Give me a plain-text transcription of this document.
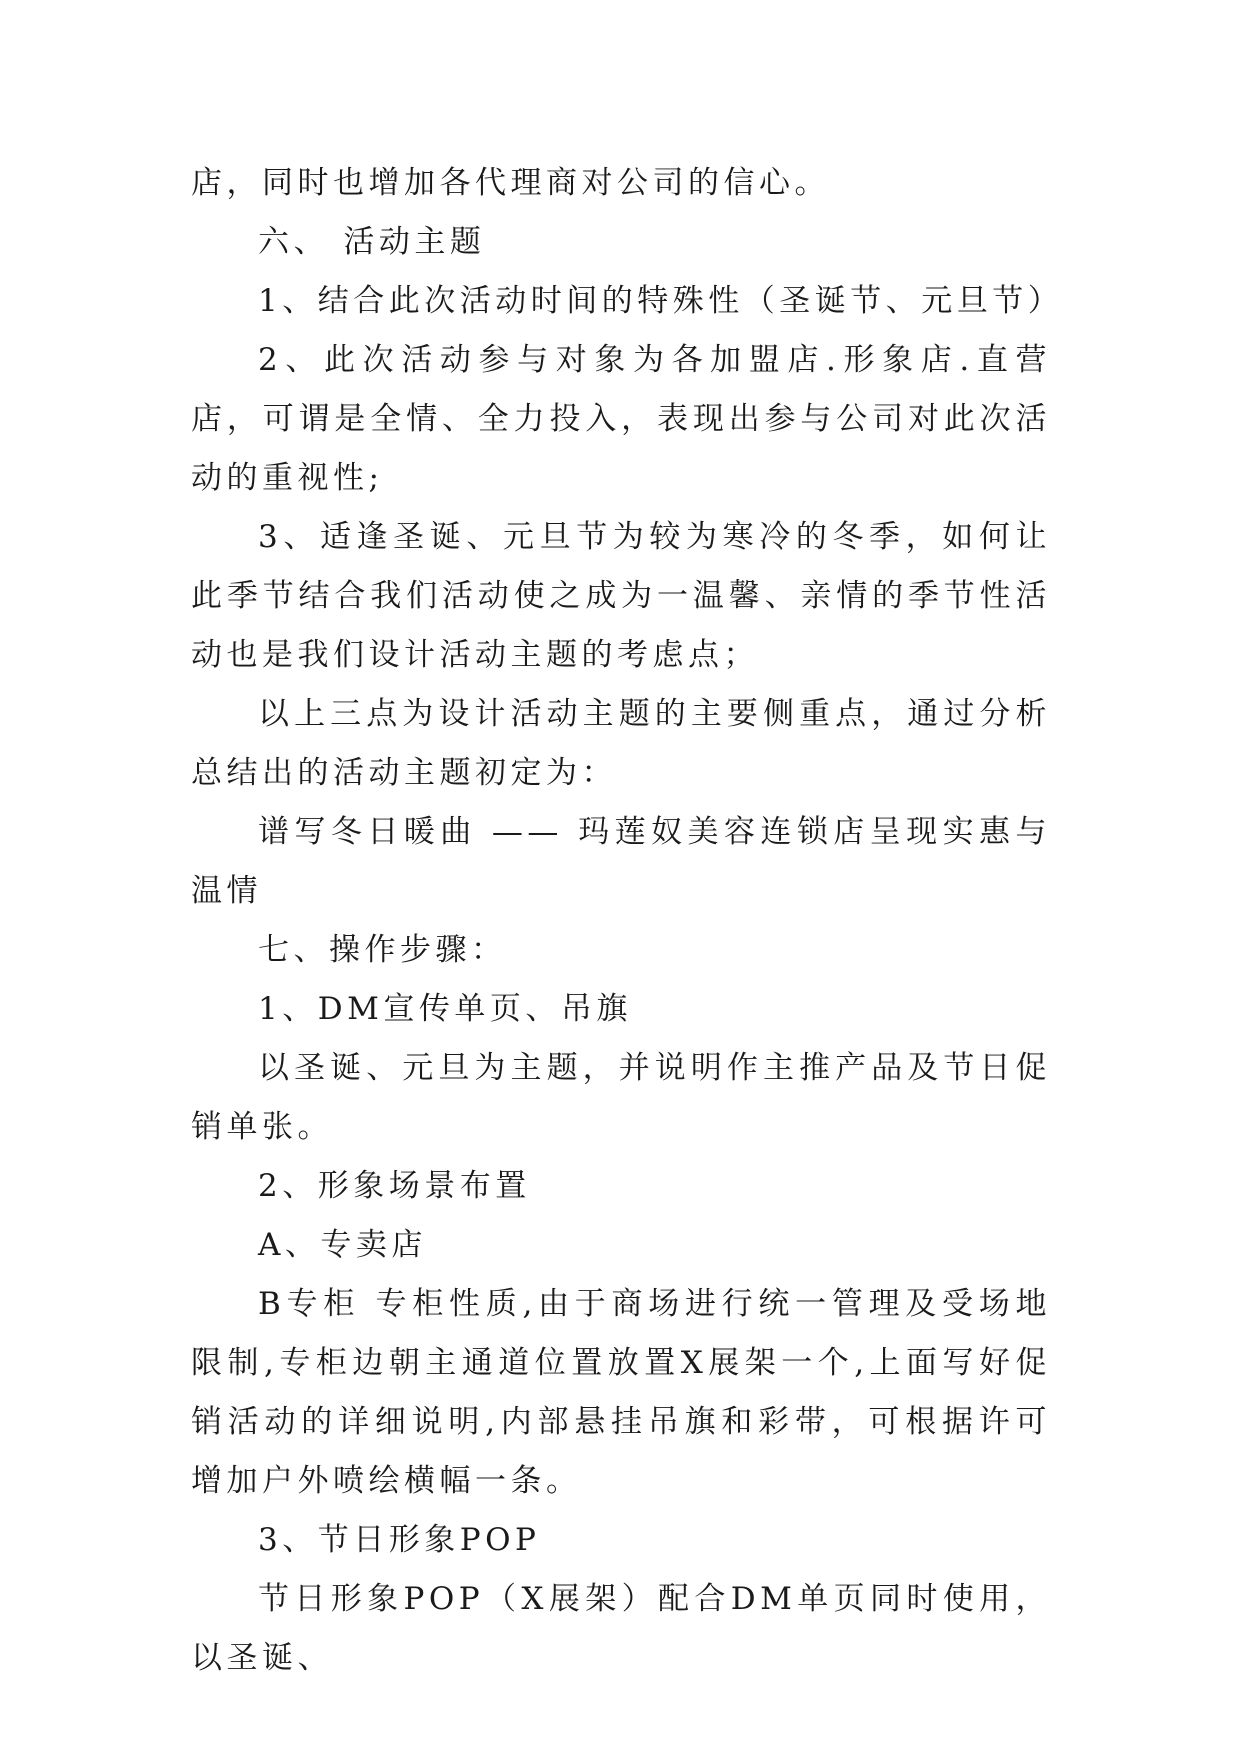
店，同时也增加各代理商对公司的信心。

六、 活动主题

1、结合此次活动时间的特殊性（圣诞节、元旦节）

2、此次活动参与对象为各加盟店.形象店.直营店，可谓是全情、全力投入，表现出参与公司对此次活动的重视性;

3、适逢圣诞、元旦节为较为寒冷的冬季，如何让此季节结合我们活动使之成为一温馨、亲情的季节性活动也是我们设计活动主题的考虑点；

以上三点为设计活动主题的主要侧重点，通过分析总结出的活动主题初定为：

谱写冬日暖曲 —— 玛莲奴美容连锁店呈现实惠与温情

七、操作步骤：

1、DM宣传单页、吊旗

以圣诞、元旦为主题，并说明作主推产品及节日促销单张。

2、形象场景布置

A、专卖店

B专柜 专柜性质,由于商场进行统一管理及受场地限制,专柜边朝主通道位置放置X展架一个,上面写好促销活动的详细说明,内部悬挂吊旗和彩带，可根据许可增加户外喷绘横幅一条。

3、节日形象POP

节日形象POP（X展架）配合DM单页同时使用，以圣诞、
